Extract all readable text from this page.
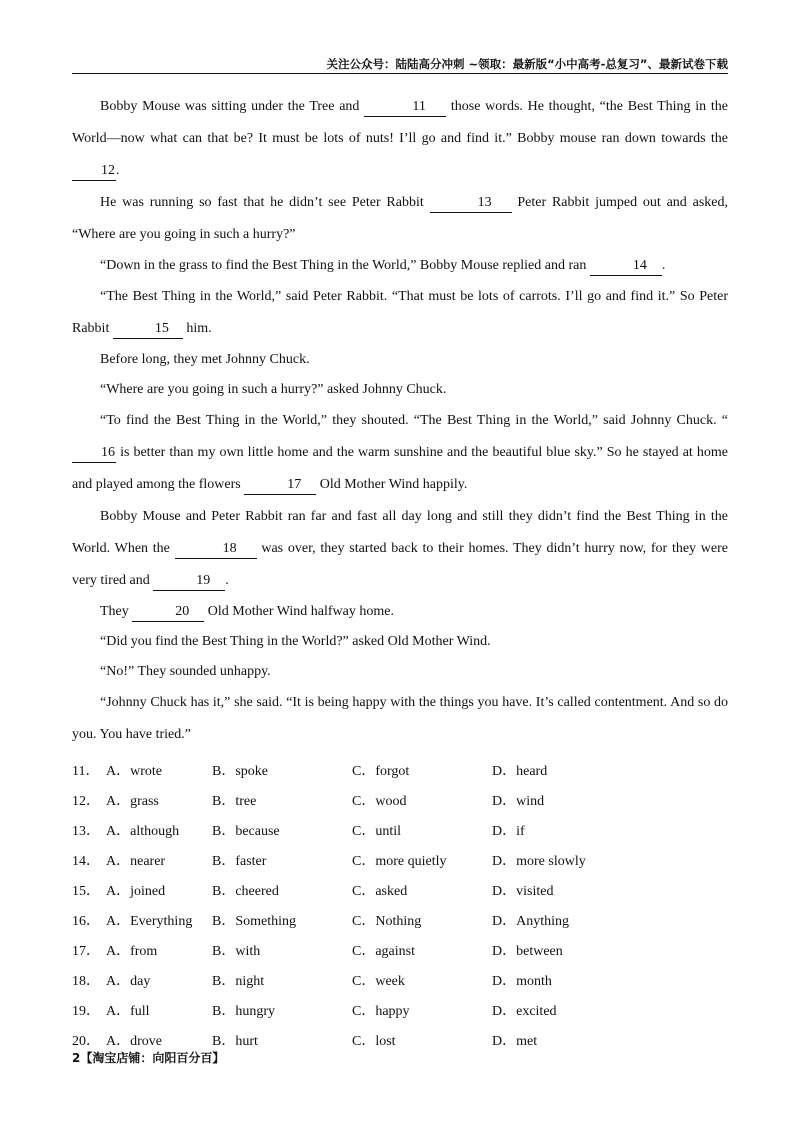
关注公众号：陆陆高分冲刺 ~领取：最新版“小中高考-总复习”、最新试卷下载

Bobby Mouse was sitting under the Tree and	11 those words. He thought, “the Best Thing in the World—now what can that be? It must be lots of nuts! I’ll go and find it.” Bobby mouse ran down towards the 12.

He was running so fast that he didn’t see Peter Rabbit	13 Peter Rabbit jumped out and asked, “Where are you going in such a hurry?”

“Down in the grass to find the Best Thing in the World,” Bobby Mouse replied and ran	14 .

“The Best Thing in the World,” said Peter Rabbit. “That must be lots of carrots. I’ll go and find it.” So Peter Rabbit	15 him.

Before long, they met Johnny Chuck.

“Where are you going in such a hurry?” asked Johnny Chuck.

“To find the Best Thing in the World,” they shouted. “The Best Thing in the World,” said Johnny Chuck. “16 is better than my own little home and the warm sunshine and the beautiful blue sky.” So he stayed at home and played among the flowers	17 Old Mother Wind happily.

Bobby Mouse and Peter Rabbit ran far and fast all day long and still they didn’t find the Best Thing in the World. When the	18 was over, they started back to their homes. They didn’t hurry now, for they were very tired and	19 .

They	20 Old Mother Wind halfway home.

“Did you find the Best Thing in the World?” asked Old Mother Wind.

“No!” They sounded unhappy.

“Johnny Chuck has it,” she said. “It is being happy with the things you have. It’s called contentment. And so do you. You have tried.”

11． A．wrote	B．spoke	C．forgot	D．heard
12． A．grass	B．tree	C．wood	D．wind
13． A．although	B．because	C．until	D．if
14． A．nearer	B．faster	C．more quietly	D．more slowly
15． A．joined	B．cheered	C．asked	D．visited
16． A．Everything	B．Something	C．Nothing	D．Anything
17． A．from	B．with	C．against	D．between
18． A．day	B．night	C．week	D．month
19． A．full	B．hungry	C．happy	D．excited
20． A．drove	B．hurt	C．lost	D．met
2【淘宝店铺：向阳百分百】
